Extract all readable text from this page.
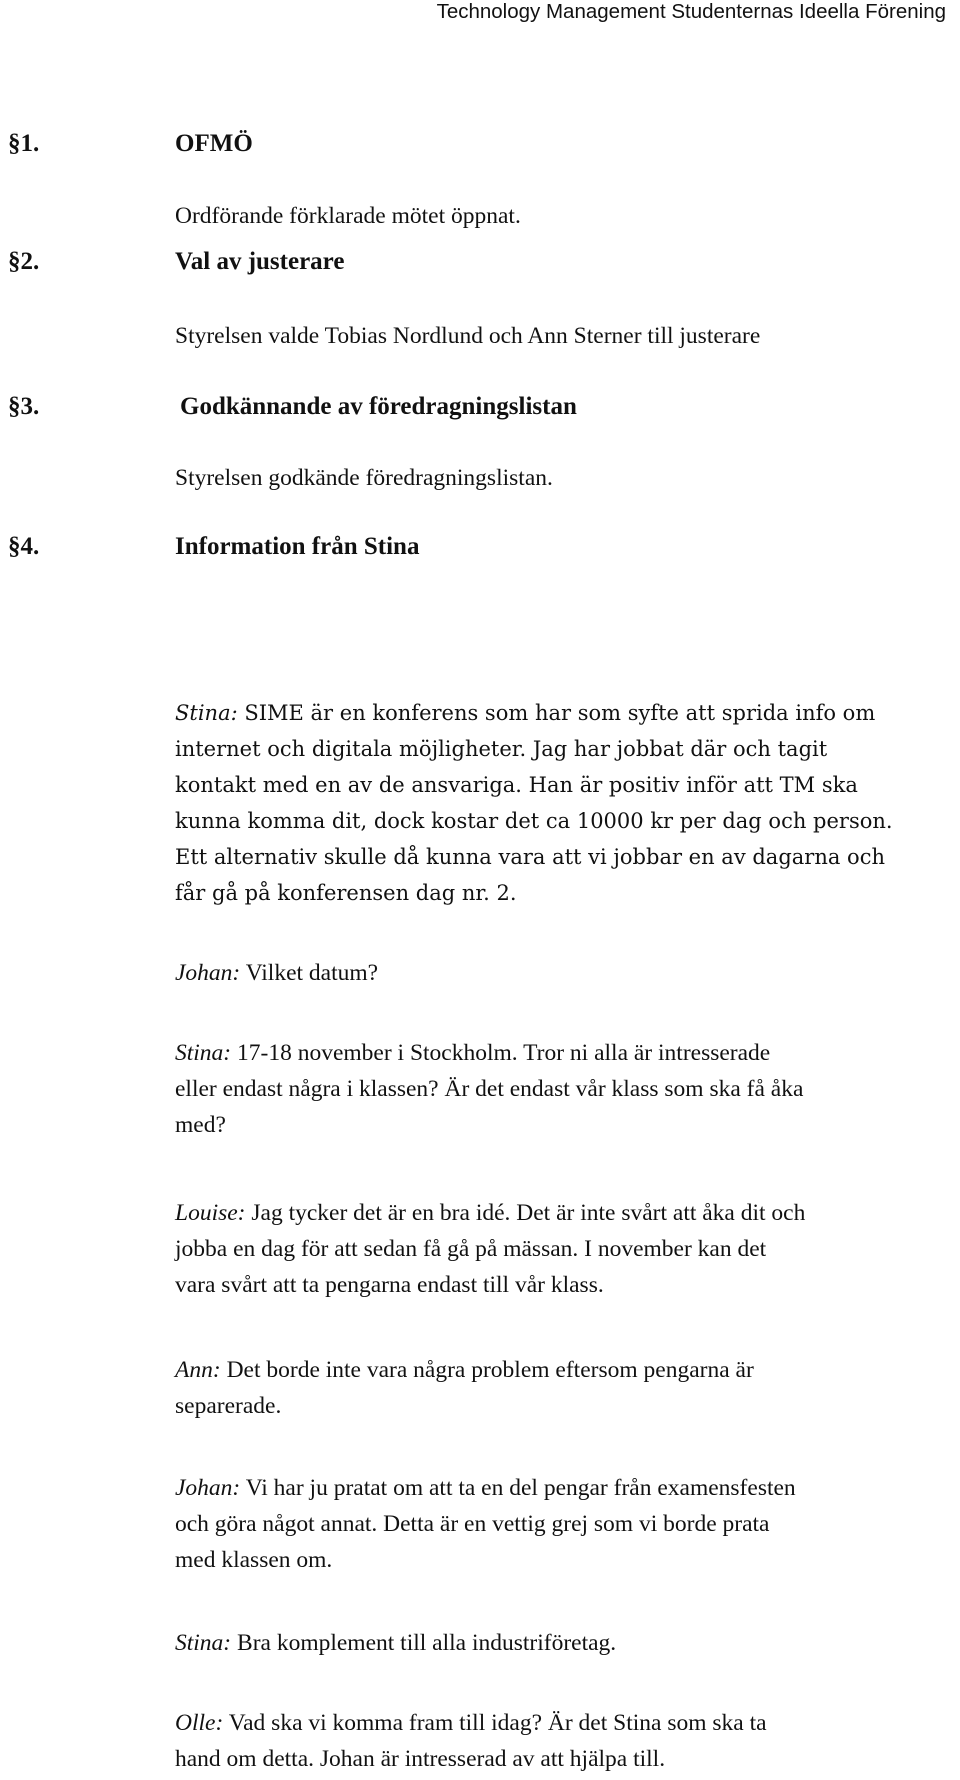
Technology Management Studenternas Ideella Förening
§1.	OFMÖ
Ordförande förklarade mötet öppnat.
§2.	Val av justerare
Styrelsen valde Tobias Nordlund och Ann Sterner till justerare
§3.	Godkännande av föredragningslistan
Styrelsen godkände föredragningslistan.
§4.	Information från Stina
Stina: SIME är en konferens som har som syfte att sprida info om
internet och digitala möjligheter. Jag har jobbat där och tagit
kontakt med en av de ansvariga. Han är positiv inför att TM ska
kunna komma dit, dock kostar det ca 10000 kr per dag och person.
Ett alternativ skulle då kunna vara att vi jobbar en av dagarna och
får gå på konferensen dag nr. 2.
Johan: Vilket datum?
Stina: 17-18 november i Stockholm. Tror ni alla är intresserade
eller endast några i klassen? Är det endast vår klass som ska få åka
med?
Louise: Jag tycker det är en bra idé. Det är inte svårt att åka dit och
jobba en dag för att sedan få gå på mässan. I november kan det
vara svårt att ta pengarna endast till vår klass.
Ann: Det borde inte vara några problem eftersom pengarna är
separerade.
Johan: Vi har ju pratat om att ta en del pengar från examensfesten
och göra något annat. Detta är en vettig grej som vi borde prata
med klassen om.
Stina: Bra komplement till alla industriföretag.
Olle: Vad ska vi komma fram till idag? Är det Stina som ska ta
hand om detta. Johan är intresserad av att hjälpa till.
